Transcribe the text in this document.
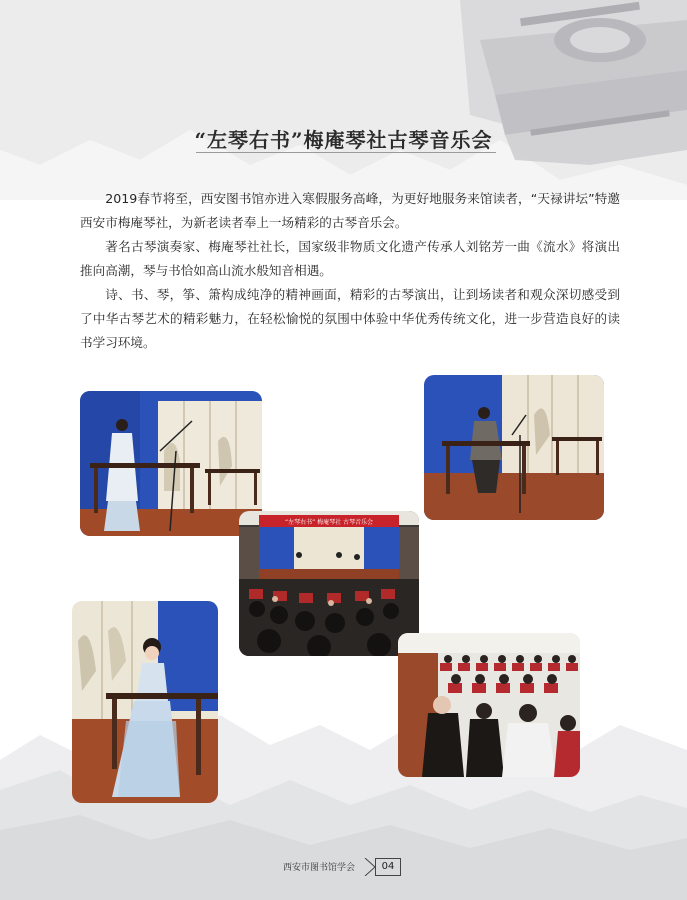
“左琴右书”梅庵琴社古琴音乐会

2019春节将至，西安图书馆亦进入寒假服务高峰，为更好地服务来馆读者，“天禄讲坛”特邀西安市梅庵琴社，为新老读者奉上一场精彩的古琴音乐会。

著名古琴演奏家、梅庵琴社社长，国家级非物质文化遗产传承人刘铭芳一曲《流水》将演出推向高潮，琴与书恰如高山流水般知音相遇。

诗、书、琴，筝、箫构成纯净的精神画面，精彩的古琴演出，让到场读者和观众深切感受到了中华古琴艺术的精彩魅力，在轻松愉悦的氛围中体验中华优秀传统文化，进一步营造良好的读书学习环境。

“左琴右书” 梅庵琴社 古琴音乐会
西安市图书馆学会	04
